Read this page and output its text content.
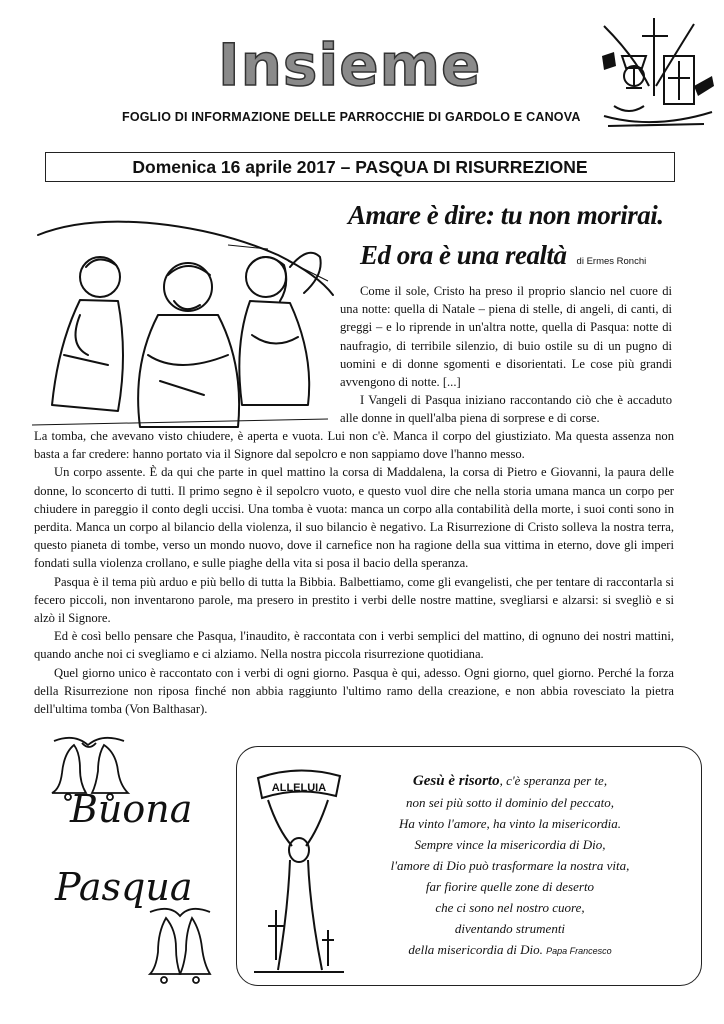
Insieme
FOGLIO DI INFORMAZIONE DELLE PARROCCHIE DI GARDOLO E CANOVA
Domenica 16 aprile 2017 – PASQUA DI RISURREZIONE
Amare è dire: tu non morirai.
Ed ora è una realtà di Ermes Ronchi

Come il sole, Cristo ha preso il proprio slancio nel cuore di una notte: quella di Natale – piena di stelle, di angeli, di canti, di greggi – e lo riprende in un'altra notte, quella di Pasqua: notte di naufragio, di terribile silenzio, di buio ostile su di un pugno di uomini e di donne sgomenti e disorientati. Le cose più grandi avvengono di notte. [...]

I Vangeli di Pasqua iniziano raccontando ciò che è accaduto alle donne in quell'alba piena di sorprese e di corse.

La tomba, che avevano visto chiudere, è aperta e vuota. Lui non c'è. Manca il corpo del giustiziato. Ma questa assenza non basta a far credere: hanno portato via il Signore dal sepolcro e non sappiamo dove l'hanno messo.

Un corpo assente. È da qui che parte in quel mattino la corsa di Maddalena, la corsa di Pietro e Giovanni, la paura delle donne, lo sconcerto di tutti. Il primo segno è il sepolcro vuoto, e questo vuol dire che nella storia umana manca un corpo per chiudere in pareggio il conto degli uccisi. Una tomba è vuota: manca un corpo alla contabilità della morte, i suoi conti sono in perdita. Manca un corpo al bilancio della violenza, il suo bilancio è negativo. La Risurrezione di Cristo solleva la nostra terra, questo pianeta di tombe, verso un mondo nuovo, dove il carnefice non ha ragione della sua vittima in eterno, dove gli imperi fondati sulla violenza crollano, e sulle piaghe della vita si posa il bacio della speranza.

Pasqua è il tema più arduo e più bello di tutta la Bibbia. Balbettiamo, come gli evangelisti, che per tentare di raccontarla si fecero piccoli, non inventarono parole, ma presero in prestito i verbi delle nostre mattine, svegliarsi e alzarsi: si svegliò e si alzò il Signore.

Ed è così bello pensare che Pasqua, l'inaudito, è raccontata con i verbi semplici del mattino, di ognuno dei nostri mattini, quando anche noi ci svegliamo e ci alziamo. Nella nostra piccola risurrezione quotidiana.

Quel giorno unico è raccontato con i verbi di ogni giorno. Pasqua è qui, adesso. Ogni giorno, quel giorno. Perché la forza della Risurrezione non riposa finché non abbia raggiunto l'ultimo ramo della creazione, e non abbia rovesciato la pietra dell'ultima tomba (Von Balthasar).

Buona
Pasqua
ALLELUIA	Gesù è risorto, c'è speranza per te,
non sei più sotto il dominio del peccato,
Ha vinto l'amore, ha vinto la misericordia.
Sempre vince la misericordia di Dio,
l'amore di Dio può trasformare la nostra vita,
far fiorire quelle zone di deserto
che ci sono nel nostro cuore,
diventando strumenti
della misericordia di Dio. Papa Francesco
